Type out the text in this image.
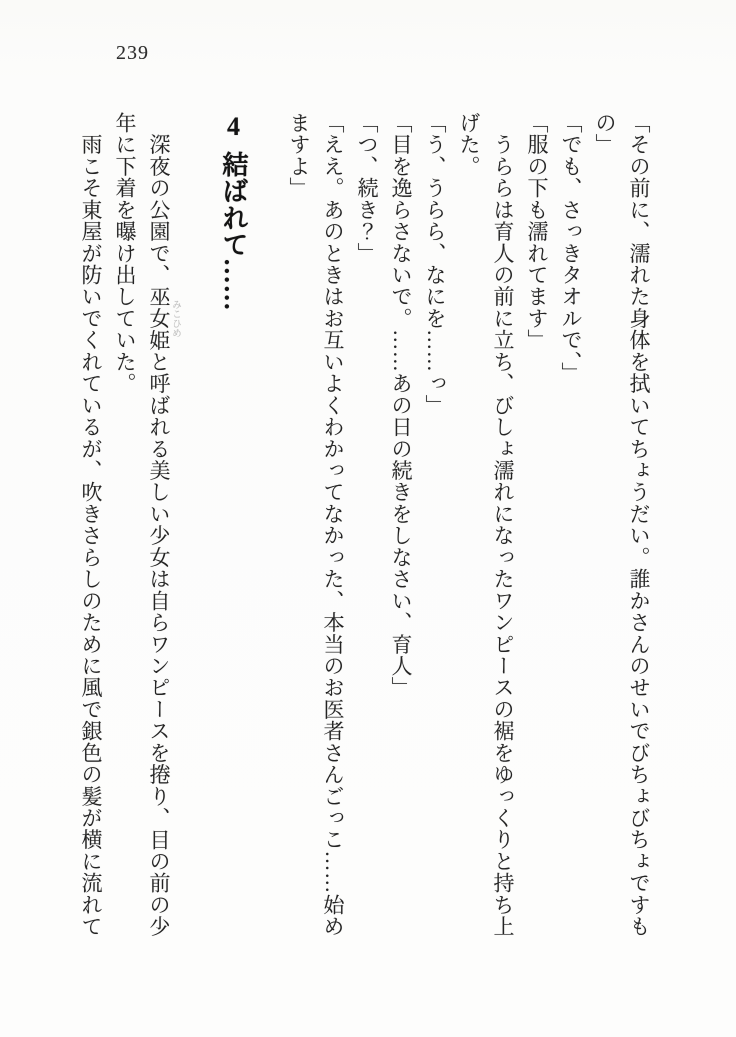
239

「その前に、濡れた身体を拭いてちょうだい。誰かさんのせいでびちょびちょですもの」

「でも、さっきタオルで、」

「服の下も濡れてます」

　うららは育人の前に立ち、びしょ濡れになったワンピースの裾をゆっくりと持ち上げた。

「う、うらら、なにを……っ」

「目を逸らさないで。……あの日の続きをしなさい、育人」

「つ、続き？」

「ええ。あのときはお互いよくわかってなかった、本当のお医者さんごっこ……始めますよ」

4結ばれて……

　深夜の公園で、巫女姫 みこひめと呼ばれる美しい少女は自らワンピースを捲り、目の前の少年に下着を曝け出していた。

　雨こそ東屋が防いでくれているが、吹きさらしのために風で銀色の髪が横に流れて
